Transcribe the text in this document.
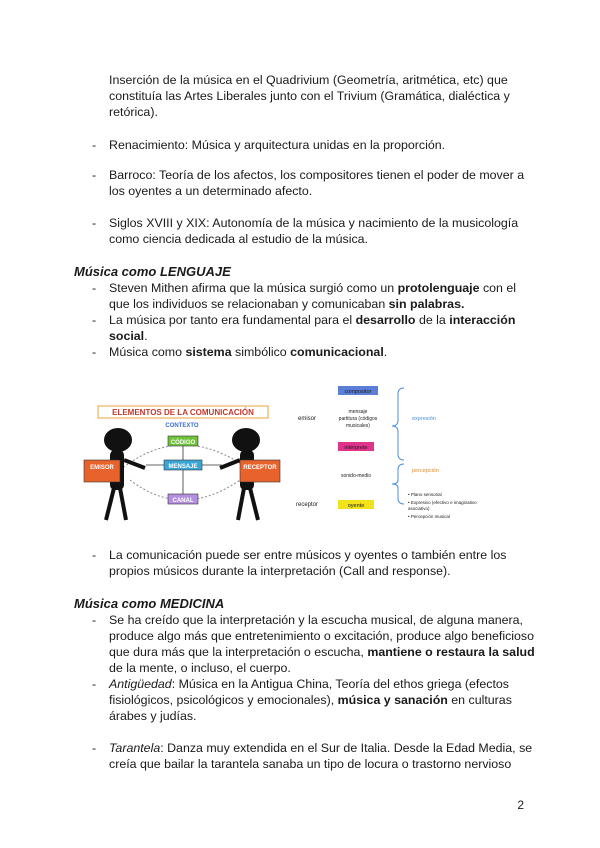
Inserción de la música en el Quadrivium (Geometría, aritmética, etc) que
constituía las Artes Liberales junto con el Trivium (Gramática, dialéctica y
retórica).
- Renacimiento: Música y arquitectura unidas en la proporción.
- Barroco: Teoría de los afectos, los compositores tienen el poder de mover a
los oyentes a un determinado afecto.
- Siglos XVIII y XIX: Autonomía de la música y nacimiento de la musicología
como ciencia dedicada al estudio de la música.
Música como LENGUAJE
- Steven Mithen afirma que la música surgió como un protolenguaje con el
que los individuos se relacionaban y comunicaban sin palabras.
- La música por tanto era fundamental para el desarrollo de la interacción
social.
- Música como sistema simbólico comunicacional.
ELEMENTOS DE LA COMUNICACIÓN
CONTEXTO
CÓDIGO
MENSAJE
CANAL
EMISOR	RECEPTOR
compositor
emisor
mensaje
partitura (códigos
musicales)
expresión
intérprete
percepción
sonido-medio
receptor	oyente
• Plano sensorial
• Expresivo (efectivo e imaginativo
asociativo)
• Percepción musical
- La comunicación puede ser entre músicos y oyentes o también entre los
propios músicos durante la interpretación (Call and response).
Música como MEDICINA
- Se ha creído que la interpretación y la escucha musical, de alguna manera,
produce algo más que entretenimiento o excitación, produce algo beneficioso
que dura más que la interpretación o escucha, mantiene o restaura la salud
de la mente, o incluso, el cuerpo.
- Antigüedad: Música en la Antigua China, Teoría del ethos griega (efectos
fisiológicos, psicológicos y emocionales), música y sanación en culturas
árabes y judías.
- Tarantela: Danza muy extendida en el Sur de Italia. Desde la Edad Media, se
creía que bailar la tarantela sanaba un tipo de locura o trastorno nervioso
2
